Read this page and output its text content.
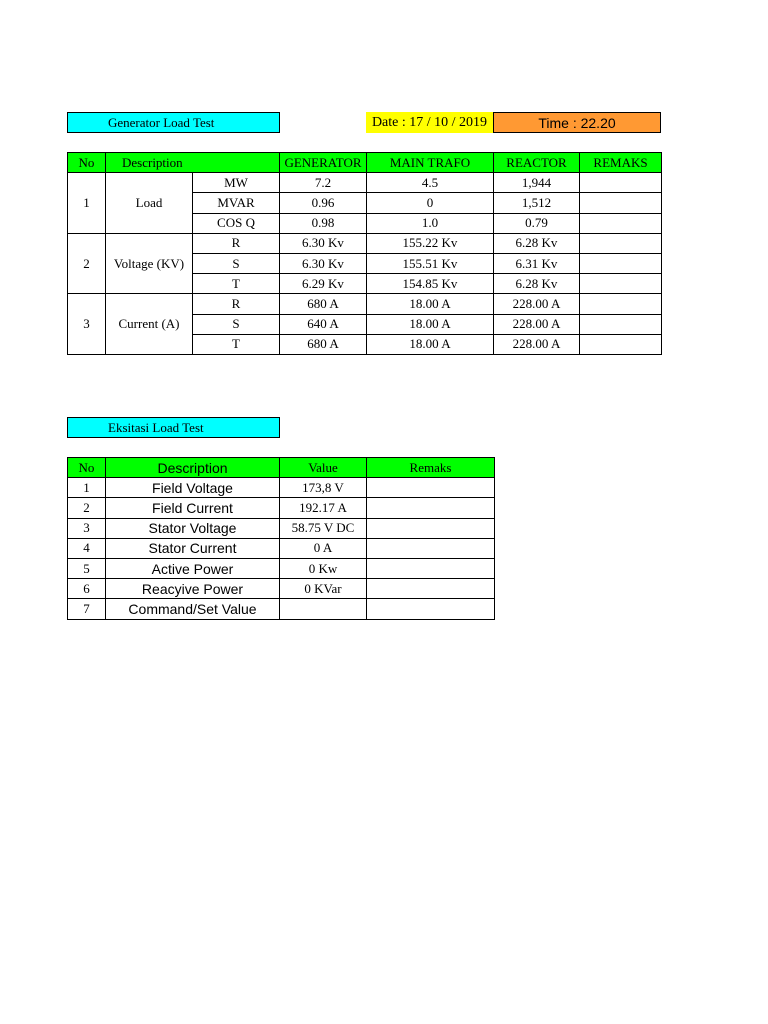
Generator Load Test	Date : 17 / 10 / 2019	Time : 22.20
No	Description		GENERATOR	MAIN TRAFO	REACTOR	REMAKS
1	Load	MW	7.2	4.5	1,944	
		MVAR	0.96	0	1,512	
		COS Q	0.98	1.0	0.79	
2	Voltage (KV)	R	6.30 Kv	155.22 Kv	6.28 Kv	
		S	6.30 Kv	155.51 Kv	6.31 Kv	
		T	6.29 Kv	154.85 Kv	6.28 Kv	
3	Current (A)	R	680 A	18.00 A	228.00 A	
		S	640 A	18.00 A	228.00 A	
		T	680 A	18.00 A	228.00 A	
Eksitasi Load Test
No	Description	Value	Remaks
1	Field Voltage	173,8 V	
2	Field Current	192.17 A	
3	Stator Voltage	58.75 V DC	
4	Stator Current	0 A	
5	Active Power	0 Kw	
6	Reacyive Power	0 KVar	
7	Command/Set Value		
